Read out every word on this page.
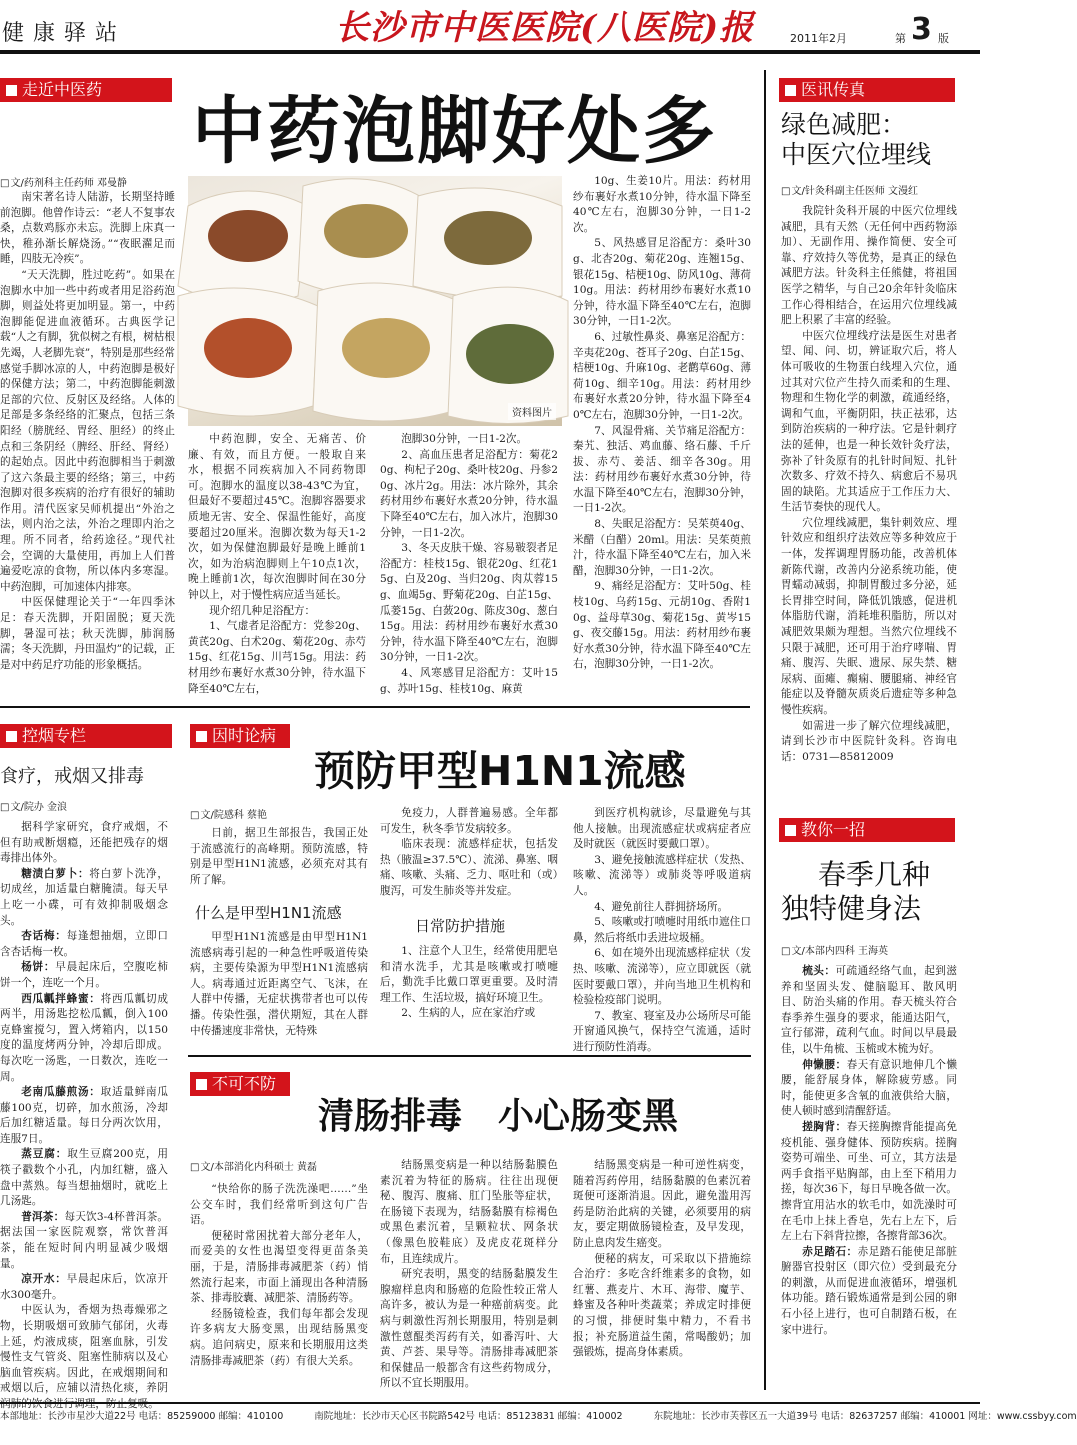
健康驿站	长沙市中医医院(八医院)报	2011年2月	第 3 版
走近中医药	中药泡脚好处多
□ 文/药剂科主任药师 邓曼静

南宋著名诗人陆游，长期坚持睡前泡脚。他曾作诗云：“老人不复事农桑，点数鸡豚亦未忘。洗脚上床真一快，稚孙渐长解烧汤。”“夜眠濯足而睡，四肢无冷疾”。

“天天洗脚，胜过吃药”。如果在泡脚水中加一些中药或者用足浴药泡脚，则益处将更加明显。第一，中药泡脚能促进血液循环。古典医学记载“人之有脚，犹似树之有根，树枯根先竭，人老脚先衰”，特别是那些经常感觉手脚冰凉的人，中药泡脚是极好的保健方法；第二，中药泡脚能刺激足部的穴位、反射区及经络。人体的足部是多条经络的汇聚点，包括三条阳经（膀胱经、胃经、胆经）的终止点和三条阴经（脾经、肝经、肾经）的起始点。因此中药泡脚相当于刺激了这六条最主要的经络；第三，中药泡脚对很多疾病的治疗有很好的辅助作用。清代医家吴师机提出“外治之法，则内治之法，外治之理即内治之理。所不同者，给药途径。”现代社会，空调的大量使用，再加上人们普遍爱吃凉的食物，所以体内多寒湿。中药泡脚，可加速体内排寒。

中医保健理论关于“一年四季沐足：春天洗脚，开阳固脱；夏天洗脚，暑湿可祛；秋天洗脚，肺润肠濡；冬天洗脚，丹田温灼”的记载，正是对中药足疗功能的形象概括。

资料图片

中药泡脚，安全、无痛苦、价廉、有效，而且方便。一般取自来水，根据不同疾病加入不同药物即可。泡脚水的温度以38-43℃为宜，但最好不要超过45℃。泡脚容器要求质地无害、安全、保温性能好，高度要超过20厘米。泡脚次数为每天1-2次，如为保健泡脚最好是晚上睡前1次，如为治病泡脚则上午10点1次，晚上睡前1次，每次泡脚时间在30分钟以上，对于慢性病应适当延长。

现介绍几种足浴配方：

1、气虚者足浴配方：党参20g、黄芪20g、白术20g、菊花20g、赤芍15g、红花15g、川芎15g。用法：药材用纱布裹好水煮30分钟，待水温下降至40℃左右，

泡脚30分钟，一日1-2次。

2、高血压患者足浴配方：菊花20g、枸杞子20g、桑叶枝20g、丹参20g、冰片2g。用法：冰片除外，其余药材用纱布裹好水煮20分钟，待水温下降至40℃左右，加入冰片，泡脚30分钟，一日1-2次。

3、冬天皮肤干燥、容易皲裂者足浴配方：桂枝15g、银花20g、红花15g、白及20g、当归20g、肉苁蓉15g、血竭5g、野菊花20g、白芷15g、瓜蒌15g、白蔹20g、陈皮30g、葱白15g。用法：药材用纱布裹好水煮30分钟，待水温下降至40℃左右，泡脚30分钟，一日1-2次。

4、风寒感冒足浴配方：艾叶15g、苏叶15g、桂枝10g、麻黄

10g、生姜10片。用法：药材用纱布裹好水煮10分钟，待水温下降至40℃左右，泡脚30分钟，一日1-2次。

5、风热感冒足浴配方：桑叶30g、北杏20g、菊花20g、连翘15g、银花15g、桔梗10g、防风10g、薄荷10g。用法：药材用纱布裹好水煮10分钟，待水温下降至40℃左右，泡脚30分钟，一日1-2次。

6、过敏性鼻炎、鼻塞足浴配方：辛夷花20g、苍耳子20g、白芷15g、桔梗10g、升麻10g、老鹳草60g、薄荷10g、细辛10g。用法：药材用纱布裹好水煮20分钟，待水温下降至40℃左右，泡脚30分钟，一日1-2次。

7、风湿骨痛、关节痛足浴配方：秦艽、独活、鸡血藤、络石藤、千斤拔、赤芍、姜活、细辛各30g。用法：药材用纱布裹好水煮30分钟，待水温下降至40℃左右，泡脚30分钟，一日1-2次。

8、失眠足浴配方：吴茱萸40g、米醋（白醋）20ml。用法：吴茱萸煎汁，待水温下降至40℃左右，加入米醋，泡脚30分钟，一日1-2次。

9、痛经足浴配方：艾叶50g、桂枝10g、乌药15g、元胡10g、香附10g、益母草30g、菊花15g、黄岑15g、夜交藤15g。用法：药材用纱布裹好水煮30分钟，待水温下降至40℃左右，泡脚30分钟，一日1-2次。

医讯传真
绿色减肥：
中医穴位埋线
□ 文/针灸科副主任医师 文漫红

我院针灸科开展的中医穴位埋线减肥，具有天然（无任何中西药物添加）、无副作用、操作简便、安全可靠、疗效持久等优势，是真正的绿色减肥方法。针灸科主任熊健，将祖国医学之精华，与自己20余年针灸临床工作心得相结合，在运用穴位埋线减肥上积累了丰富的经验。

中医穴位埋线疗法是医生对患者望、闻、问、切，辨证取穴后，将人体可吸收的生物蛋白线埋入穴位，通过其对穴位产生持久而柔和的生理、物理和生物化学的刺激，疏通经络，调和气血，平衡阴阳，扶正祛邪，达到防治疾病的一种疗法。它是针刺疗法的延伸，也是一种长效针灸疗法，弥补了针灸原有的扎针时间短、扎针次数多、疗效不持久、病愈后不易巩固的缺陷。尤其适应于工作压力大、生活节奏快的现代人。

穴位埋线减肥，集针刺效应、埋针效应和组织疗法效应等多种效应于一体，发挥调理胃肠功能，改善机体新陈代谢，改善内分泌系统功能，使胃蠕动减弱，抑制胃酸过多分泌，延长胃排空时间，降低饥饿感，促进机体脂肪代谢，消耗堆积脂肪，所以对减肥效果颇为理想。当然穴位埋线不只限于减肥，还可用于治疗哮喘、胃痛、腹泻、失眠、遗尿、尿失禁、糖尿病、面瘫、癫痫、腰腿痛、神经官能症以及脊髓灰质炎后遗症等多种急慢性疾病。

如需进一步了解穴位埋线减肥，请到长沙市中医院针灸科。咨询电话：0731—85812009

控烟专栏
食疗，戒烟又排毒
□ 文/院办 金浪

据科学家研究，食疗戒烟，不但有助戒断烟瘾，还能把残存的烟毒排出体外。

糖渍白萝卜：将白萝卜洗净，切成丝，加适量白糖腌渍。每天早上吃一小碟，可有效抑制吸烟念头。

杏话梅：每逢想抽烟，立即口含杏话梅一枚。

杨饼：早晨起床后，空腹吃柿饼一个，连吃一个月。

西瓜瓤拌蜂蜜：将西瓜瓤切成两半，用汤匙挖松瓜瓤，倒入100克蜂蜜搅匀，置入烤箱内，以150度的温度烤两分钟，冷却后即成。每次吃一汤匙，一日数次，连吃一周。

老南瓜藤煎汤：取适量鲜南瓜藤100克，切碎，加水煎汤，冷却后加红糖适量。每日分两次饮用，连服7日。

蒸豆腐：取生豆腐200克，用筷子戳数个小孔，内加红糖，盛入盘中蒸熟。每当想抽烟时，就吃上几汤匙。

普洱茶：每天饮3-4杯普洱茶。据法国一家医院观察，常饮普洱茶，能在短时间内明显减少吸烟量。

凉开水：早晨起床后，饮凉开水300毫升。

中医认为，香烟为热毒燥邪之物，长期吸烟可致肺气郁闭，火毒上延，灼液成痰，阻塞血脉，引发慢性支气管炎、阻塞性肺病以及心脑血管疾病。因此，在戒烟期间和戒烟以后，应辅以清热化痰，养阴

因时论病
预防甲型H1N1流感
□ 文/院感科 蔡艳

日前，据卫生部报告，我国正处于流感流行的高峰期。预防流感，特别是甲型H1N1流感，必须充对其有所了解。

什么是甲型H1N1流感

甲型H1N1流感是由甲型H1N1流感病毒引起的一种急性呼吸道传染病，主要传染源为甲型H1N1流感病人。病毒通过近距离空气、飞沫，在人群中传播，无症状携带者也可以传播。传染性强，潜伏期短，其在人群中传播速度非常快，无特殊

免疫力，人群普遍易感。全年都可发生，秋冬季节发病较多。

临床表现：流感样症状，包括发热（腋温≥37.5℃）、流涕、鼻塞、咽痛、咳嗽、头痛、乏力、呕吐和（或）腹泻，可发生肺炎等并发症。

日常防护措施

1、注意个人卫生，经常使用肥皂和清水洗手，尤其是咳嗽或打喷嚏后，勤洗手比戴口罩更重要。及时清理工作、生活垃圾，搞好环境卫生。

2、生病的人，应在家治疗或

到医疗机构就诊，尽量避免与其他人接触。出现流感症状或病症者应及时就医（就医时要戴口罩）。

3、避免接触流感样症状（发热、咳嗽、流涕等）或肺炎等呼吸道病人。

4、避免前往人群拥挤场所。

5、咳嗽或打喷嚏时用纸巾遮住口鼻，然后将纸巾丢进垃圾桶。

6、如在境外出现流感样症状（发热、咳嗽、流涕等），应立即就医（就医时要戴口罩），并向当地卫生机构和检验检疫部门说明。

7、教室、寝室及办公场所尽可能开窗通风换气，保持空气流通，适时进行预防性消毒。

不可不防
清肠排毒　小心肠变黑
□ 文/本部消化内科硕士 黄磊

“快给你的肠子洗洗澡吧……”坐公交车时，我们经常听到这句广告语。

便秘时常困扰着大部分老年人，而爱美的女性也渴望变得更苗条美丽，于是，清肠排毒减肥茶（药）悄然流行起来，市面上涌现出各种清肠茶、排毒胶囊、减肥茶、清肠药等。

经肠镜检查，我们每年都会发现许多病友大肠变黑，出现结肠黑变病。追问病史，原来和长期服用这类清肠排毒减肥茶（药）有很大关系。

结肠黑变病是一种以结肠黏膜色素沉着为特征的肠病。往往出现便秘、腹泻、腹痛、肛门坠胀等症状，在肠镜下表现为，结肠黏膜有棕褐色或黑色素沉着，呈颗粒状、网条状（像黑色胶鞋底）及虎皮花斑样分布，且连续成片。

研究表明，黑变的结肠黏膜发生腺瘤样息肉和肠癌的危险性较正常人高许多，被认为是一种癌前病变。此病与刺激性泻剂长期服用，特别是刺激性蒽醌类泻药有关，如番泻叶、大黄、芦荟、果导等。清肠排毒减肥茶和保健品一般都含有这些药物成分，所以不宜长期服用。

结肠黑变病是一种可逆性病变，随着泻药停用，结肠黏膜的色素沉着斑便可逐渐消退。因此，避免滥用泻药是防治此病的关键，必须要用的病友，要定期做肠镜检查，及早发现，防止息肉发生癌变。

便秘的病友，可采取以下措施综合治疗：多吃含纤维素多的食物，如红薯、燕麦片、木耳、海带、魔芋、蜂蜜及各种叶类蔬菜；养成定时排便的习惯，排便时集中精力，不看书报；补充肠道益生菌，常喝酸奶；加强锻炼，提高身体素质。

教你一招
春季几种
独特健身法
□ 文/本部内四科 王海英

梳头：可疏通经络气血，起到滋养和坚固头发、健脑聪耳、散风明目、防治头痛的作用。春天梳头符合春季养生强身的要求，能通达阳气，宣行郁滞，疏利气血。时间以早晨最佳，以牛角梳、玉梳或木梳为好。

伸懒腰：春天有意识地伸几个懒腰，能舒展身体，解除疲劳感。同时，能使更多含氧的血液供给大脑，使人顿时感到清醒舒适。

搓胸背：春天搓胸擦背能提高免疫机能、强身健体、预防疾病。搓胸姿势可端坐、可坐、可立，其方法是两手食指平贴胸部，由上至下稍用力搓，每次36下，每日早晚各做一次。擦背宜用沾水的软毛巾，如洗澡时可在毛巾上抹上香皂，先右上左下，后左上右下斜背拉擦，各擦背部36次。

赤足踏石：赤足踏石能使足部脏腑器官投射区（即穴位）受到最充分的刺激，从而促进血液循环，增强机体功能。踏石锻炼通常是到公园的卵石小径上进行，也可自制踏石板，在家中进行。

本部地址：长沙市星沙大道22号 电话：85259000 邮编：410100	南院地址：长沙市天心区书院路542号 电话：85123831 邮编：410002	东院地址：长沙市芙蓉区五一大道39号 电话：82637257 邮编：410001 网址：www.cssbyy.com
